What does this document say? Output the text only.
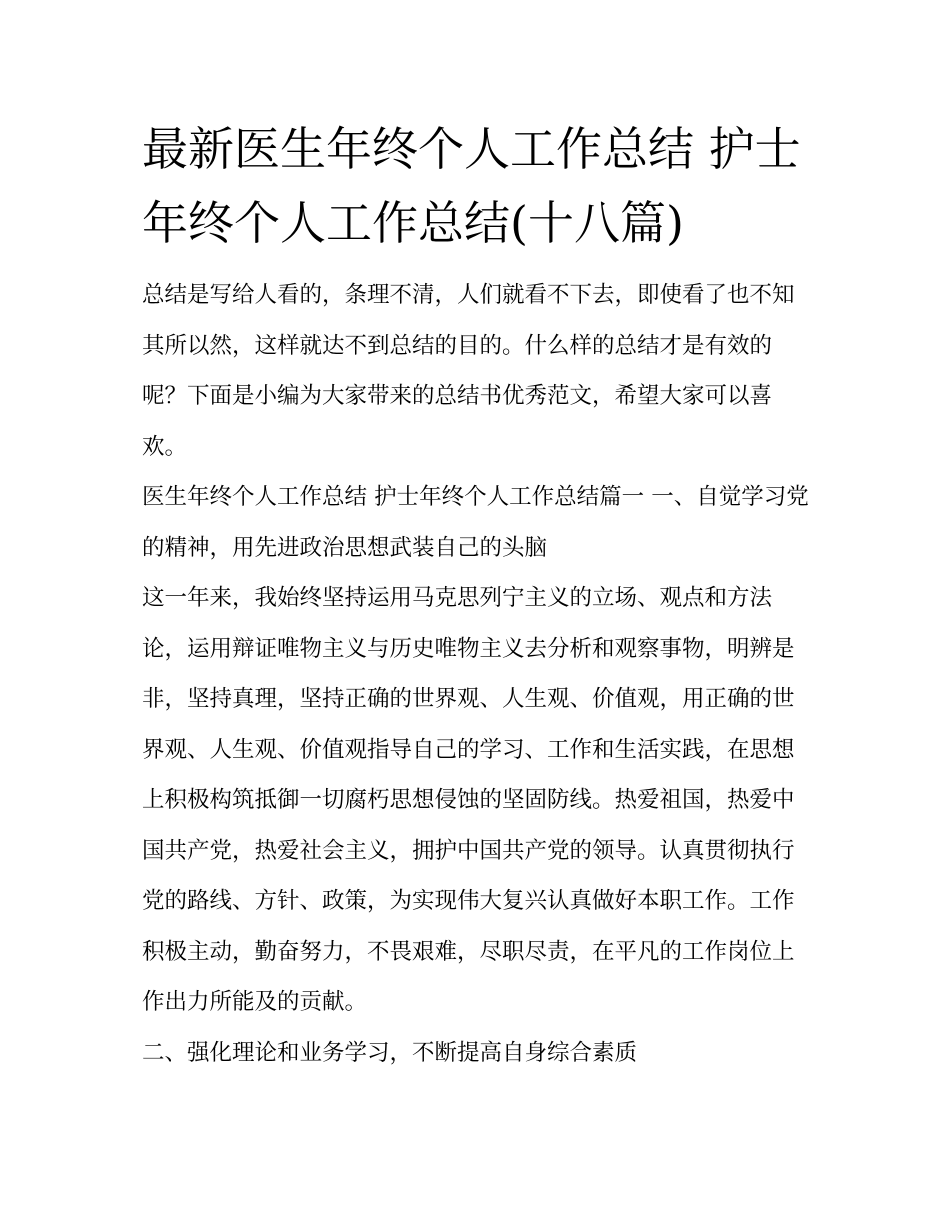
最新医生年终个人工作总结 护士年终个人工作总结(十八篇)

总结是写给人看的，条理不清，人们就看不下去，即使看了也不知其所以然，这样就达不到总结的目的。什么样的总结才是有效的呢？下面是小编为大家带来的总结书优秀范文，希望大家可以喜欢。

医生年终个人工作总结 护士年终个人工作总结篇一 一、自觉学习党的精神，用先进政治思想武装自己的头脑

这一年来，我始终坚持运用马克思列宁主义的立场、观点和方法论，运用辩证唯物主义与历史唯物主义去分析和观察事物，明辨是非，坚持真理，坚持正确的世界观、人生观、价值观，用正确的世界观、人生观、价值观指导自己的学习、工作和生活实践，在思想上积极构筑抵御一切腐朽思想侵蚀的坚固防线。热爱祖国，热爱中国共产党，热爱社会主义，拥护中国共产党的领导。认真贯彻执行党的路线、方针、政策，为实现伟大复兴认真做好本职工作。工作积极主动，勤奋努力，不畏艰难，尽职尽责，在平凡的工作岗位上作出力所能及的贡献。

二、强化理论和业务学习，不断提高自身综合素质
